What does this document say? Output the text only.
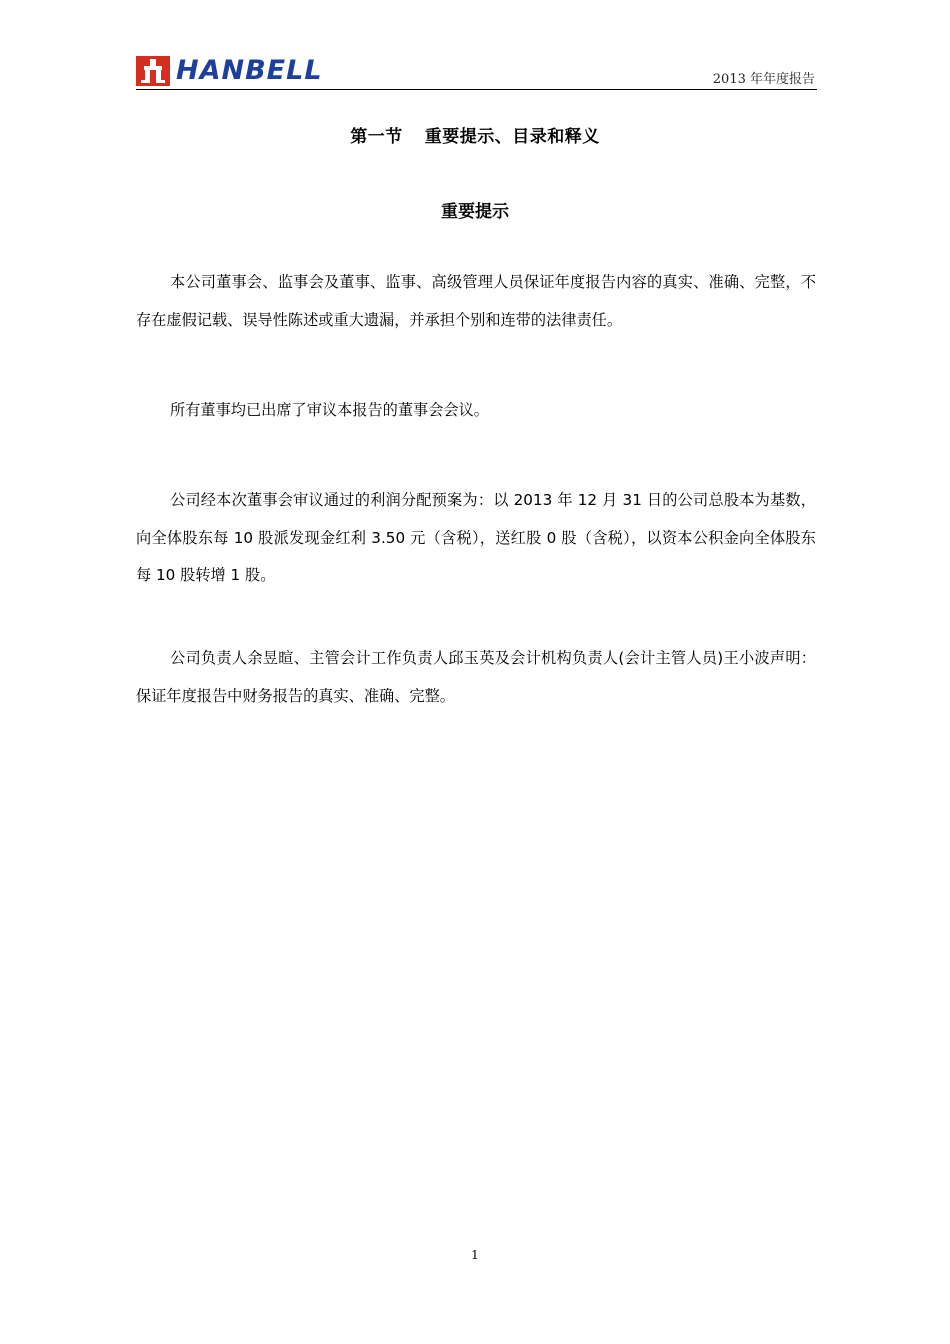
HANBELL	2013 年年度报告
第一节 重要提示、目录和释义
重要提示

本公司董事会、监事会及董事、监事、高级管理人员保证年度报告内容的真实、准确、完整，不存在虚假记载、误导性陈述或重大遗漏，并承担个别和连带的法律责任。

所有董事均已出席了审议本报告的董事会会议。

公司经本次董事会审议通过的利润分配预案为：以 2013 年 12 月 31 日的公司总股本为基数，向全体股东每 10 股派发现金红利 3.50 元（含税），送红股 0 股（含税），以资本公积金向全体股东每 10 股转增 1 股。

公司负责人余昱暄、主管会计工作负责人邱玉英及会计机构负责人(会计主管人员)王小波声明：保证年度报告中财务报告的真实、准确、完整。

1
